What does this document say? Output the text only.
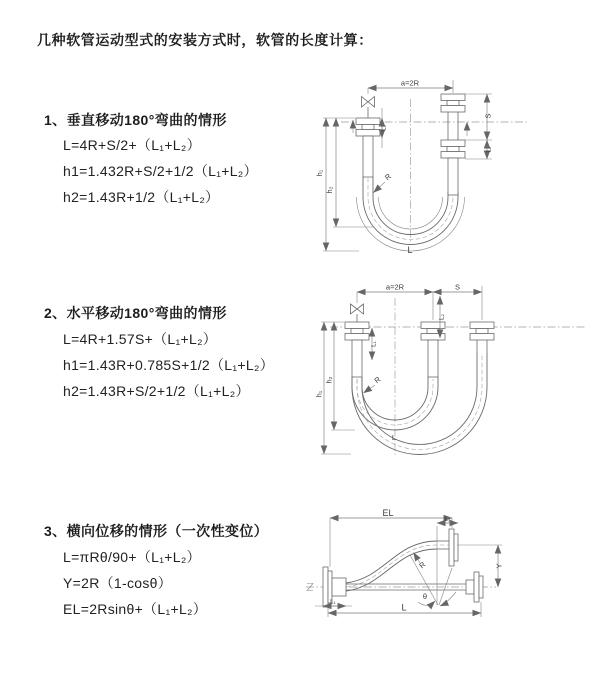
几种软管运动型式的安装方式时，软管的长度计算：
1、垂直移动180°弯曲的情形

L=4R+S/2+（L₁+L₂）

h1=1.432R+S/2+1/2（L₁+L₂）

h2=1.43R+1/2（L₁+L₂）

2、水平移动180°弯曲的情形

L=4R+1.57S+（L₁+L₂）

h1=1.43R+0.785S+1/2（L₁+L₂）

h2=1.43R+S/2+1/2（L₁+L₂）

3、横向位移的情形（一次性变位）

L=πRθ/90+（L₁+L₂）

Y=2R（1-cosθ）

EL=2Rsinθ+（L₁+L₂）

a=2R
h₁
h₂
L₁
S
L₂
R
L
a=2R	S
h₁
h₂
L₁
L₂
R
L
EL
L₂
Y
L
L₁
R
θ
